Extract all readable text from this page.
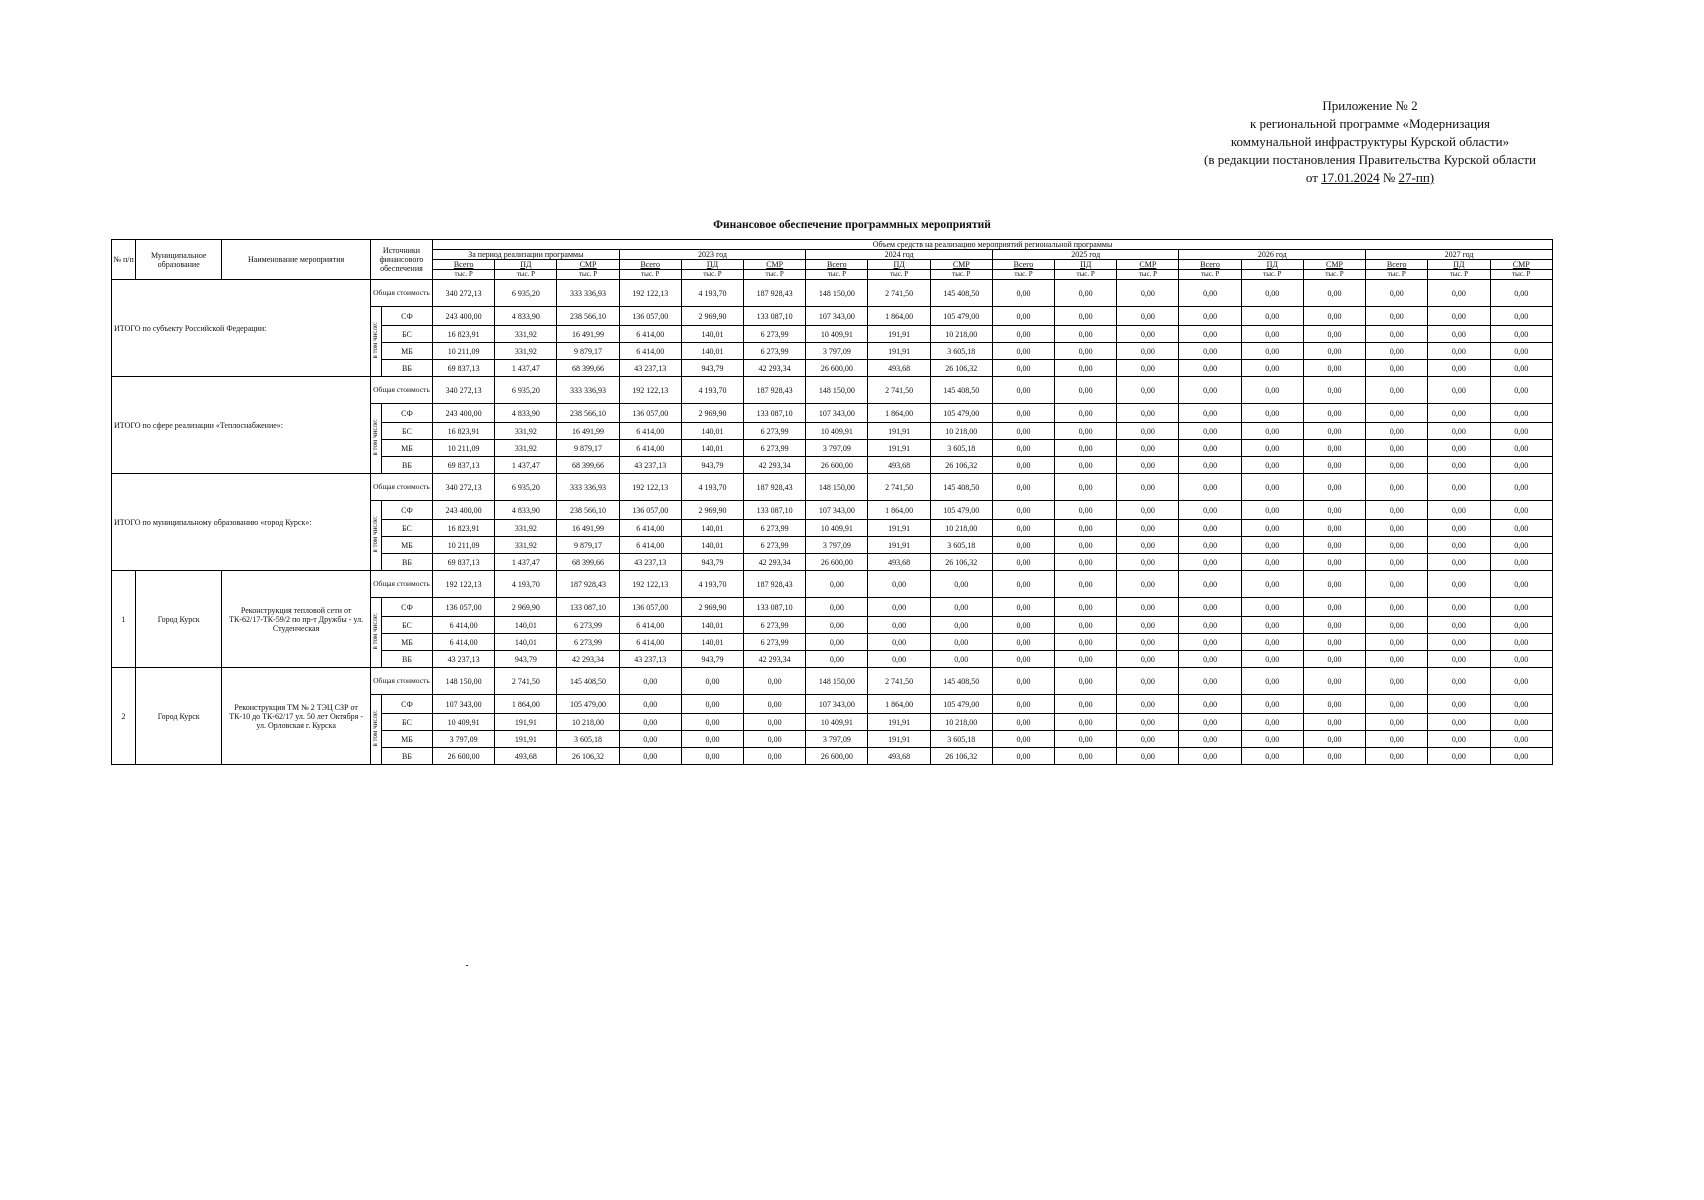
Приложение № 2
к региональной программе «Модернизация
коммунальной инфраструктуры Курской области»
(в редакции постановления Правительства Курской области
от 17.01.2024 № 27-пп)
Финансовое обеспечение программных мероприятий
№ п/п	Муниципальное образование	Наименование мероприятия	Источники финансового обеспечения		Объем средств на реализацию мероприятий региональной программы																	
					За период реализации программы			2023 год			2024 год			2025 год			2026 год			2027 год		
					Всего	ПД	СМР	Всего	ПД	СМР	Всего	ПД	СМР	Всего	ПД	СМР	Всего	ПД	СМР	Всего	ПД	СМР
					тыс. Р	тыс. Р	тыс. Р	тыс. Р	тыс. Р	тыс. Р	тыс. Р	тыс. Р	тыс. Р	тыс. Р	тыс. Р	тыс. Р	тыс. Р	тыс. Р	тыс. Р	тыс. Р	тыс. Р	тыс. Р
ИТОГО по субъекту Российской Федерации:			Общая стоимость		340 272,13	6 935,20	333 336,93	192 122,13	4 193,70	187 928,43	148 150,00	2 741,50	145 408,50	0,00	0,00	0,00	0,00	0,00	0,00	0,00	0,00	0,00
			в том числе:	СФ	243 400,00	4 833,90	238 566,10	136 057,00	2 969,90	133 087,10	107 343,00	1 864,00	105 479,00	0,00	0,00	0,00	0,00	0,00	0,00	0,00	0,00	0,00
				БС	16 823,91	331,92	16 491,99	6 414,00	140,01	6 273,99	10 409,91	191,91	10 218,00	0,00	0,00	0,00	0,00	0,00	0,00	0,00	0,00	0,00
				МБ	10 211,09	331,92	9 879,17	6 414,00	140,01	6 273,99	3 797,09	191,91	3 605,18	0,00	0,00	0,00	0,00	0,00	0,00	0,00	0,00	0,00
				ВБ	69 837,13	1 437,47	68 399,66	43 237,13	943,79	42 293,34	26 600,00	493,68	26 106,32	0,00	0,00	0,00	0,00	0,00	0,00	0,00	0,00	0,00
ИТОГО по сфере реализации «Теплоснабжение»:			Общая стоимость		340 272,13	6 935,20	333 336,93	192 122,13	4 193,70	187 928,43	148 150,00	2 741,50	145 408,50	0,00	0,00	0,00	0,00	0,00	0,00	0,00	0,00	0,00
			в том числе:	СФ	243 400,00	4 833,90	238 566,10	136 057,00	2 969,90	133 087,10	107 343,00	1 864,00	105 479,00	0,00	0,00	0,00	0,00	0,00	0,00	0,00	0,00	0,00
				БС	16 823,91	331,92	16 491,99	6 414,00	140,01	6 273,99	10 409,91	191,91	10 218,00	0,00	0,00	0,00	0,00	0,00	0,00	0,00	0,00	0,00
				МБ	10 211,09	331,92	9 879,17	6 414,00	140,01	6 273,99	3 797,09	191,91	3 605,18	0,00	0,00	0,00	0,00	0,00	0,00	0,00	0,00	0,00
				ВБ	69 837,13	1 437,47	68 399,66	43 237,13	943,79	42 293,34	26 600,00	493,68	26 106,32	0,00	0,00	0,00	0,00	0,00	0,00	0,00	0,00	0,00
ИТОГО по муниципальному образованию «город Курск»:			Общая стоимость		340 272,13	6 935,20	333 336,93	192 122,13	4 193,70	187 928,43	148 150,00	2 741,50	145 408,50	0,00	0,00	0,00	0,00	0,00	0,00	0,00	0,00	0,00
			в том числе:	СФ	243 400,00	4 833,90	238 566,10	136 057,00	2 969,90	133 087,10	107 343,00	1 864,00	105 479,00	0,00	0,00	0,00	0,00	0,00	0,00	0,00	0,00	0,00
				БС	16 823,91	331,92	16 491,99	6 414,00	140,01	6 273,99	10 409,91	191,91	10 218,00	0,00	0,00	0,00	0,00	0,00	0,00	0,00	0,00	0,00
				МБ	10 211,09	331,92	9 879,17	6 414,00	140,01	6 273,99	3 797,09	191,91	3 605,18	0,00	0,00	0,00	0,00	0,00	0,00	0,00	0,00	0,00
				ВБ	69 837,13	1 437,47	68 399,66	43 237,13	943,79	42 293,34	26 600,00	493,68	26 106,32	0,00	0,00	0,00	0,00	0,00	0,00	0,00	0,00	0,00
1	Город Курск	Реконструкция тепловой сети от ТК-62/17-ТК-59/2 по пр-т Дружбы - ул. Студенческая	Общая стоимость		192 122,13	4 193,70	187 928,43	192 122,13	4 193,70	187 928,43	0,00	0,00	0,00	0,00	0,00	0,00	0,00	0,00	0,00	0,00	0,00	0,00
			в том числе:	СФ	136 057,00	2 969,90	133 087,10	136 057,00	2 969,90	133 087,10	0,00	0,00	0,00	0,00	0,00	0,00	0,00	0,00	0,00	0,00	0,00	0,00
				БС	6 414,00	140,01	6 273,99	6 414,00	140,01	6 273,99	0,00	0,00	0,00	0,00	0,00	0,00	0,00	0,00	0,00	0,00	0,00	0,00
				МБ	6 414,00	140,01	6 273,99	6 414,00	140,01	6 273,99	0,00	0,00	0,00	0,00	0,00	0,00	0,00	0,00	0,00	0,00	0,00	0,00
				ВБ	43 237,13	943,79	42 293,34	43 237,13	943,79	42 293,34	0,00	0,00	0,00	0,00	0,00	0,00	0,00	0,00	0,00	0,00	0,00	0,00
2	Город Курск	Реконструкция ТМ № 2 ТЭЦ СЗР от ТК-10 до ТК-62/17 ул. 50 лет Октября - ул. Орловская г. Курска	Общая стоимость		148 150,00	2 741,50	145 408,50	0,00	0,00	0,00	148 150,00	2 741,50	145 408,50	0,00	0,00	0,00	0,00	0,00	0,00	0,00	0,00	0,00
			в том числе:	СФ	107 343,00	1 864,00	105 479,00	0,00	0,00	0,00	107 343,00	1 864,00	105 479,00	0,00	0,00	0,00	0,00	0,00	0,00	0,00	0,00	0,00
				БС	10 409,91	191,91	10 218,00	0,00	0,00	0,00	10 409,91	191,91	10 218,00	0,00	0,00	0,00	0,00	0,00	0,00	0,00	0,00	0,00
				МБ	3 797,09	191,91	3 605,18	0,00	0,00	0,00	3 797,09	191,91	3 605,18	0,00	0,00	0,00	0,00	0,00	0,00	0,00	0,00	0,00
				ВБ	26 600,00	493,68	26 106,32	0,00	0,00	0,00	26 600,00	493,68	26 106,32	0,00	0,00	0,00	0,00	0,00	0,00	0,00	0,00	0,00
